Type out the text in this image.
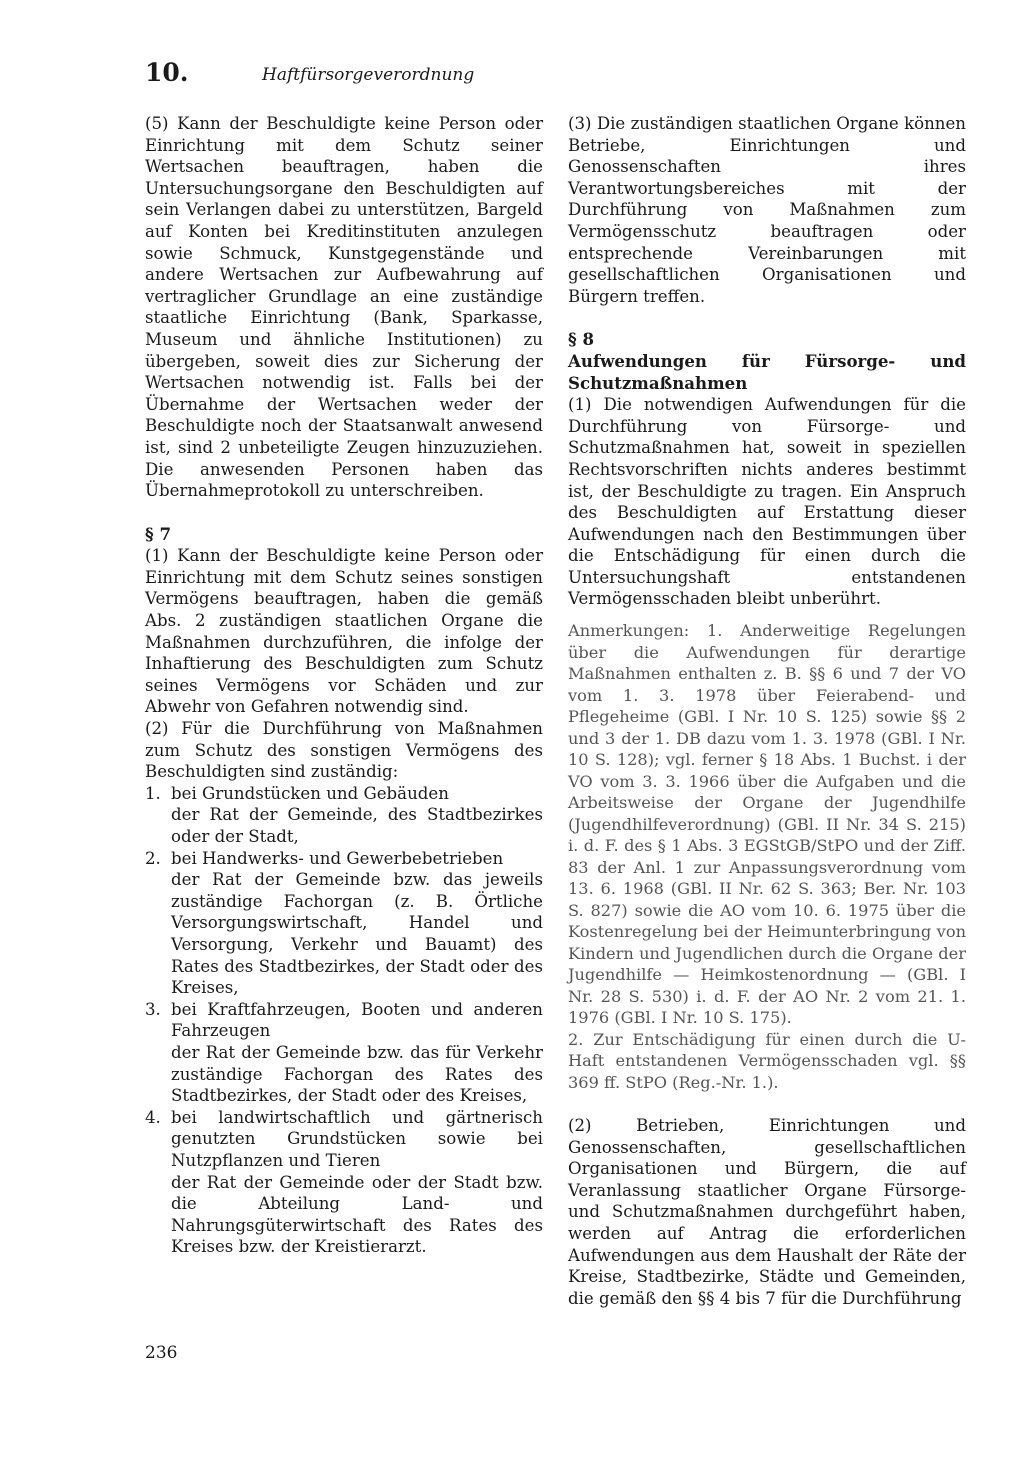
10.	Haftfürsorgeverordnung

(5) Kann der Beschuldigte keine Person oder Einrichtung mit dem Schutz seiner Wertsachen beauftragen, haben die Untersuchungsorgane den Beschuldigten auf sein Verlangen dabei zu unterstützen, Bargeld auf Konten bei Kreditinstituten anzulegen sowie Schmuck, Kunstgegenstände und andere Wertsachen zur Aufbewahrung auf vertraglicher Grundlage an eine zuständige staatliche Einrichtung (Bank, Sparkasse, Museum und ähnliche Institutionen) zu übergeben, soweit dies zur Sicherung der Wertsachen notwendig ist. Falls bei der Übernahme der Wertsachen weder der Beschuldigte noch der Staatsanwalt anwesend ist, sind 2 unbeteiligte Zeugen hinzuzuziehen. Die anwesenden Personen haben das Übernahmeprotokoll zu unterschreiben.

§ 7

(1) Kann der Beschuldigte keine Person oder Einrichtung mit dem Schutz seines sonstigen Vermögens beauftragen, haben die gemäß Abs. 2 zuständigen staatlichen Organe die Maßnahmen durchzuführen, die infolge der Inhaftierung des Beschuldigten zum Schutz seines Vermögens vor Schäden und zur Abwehr von Gefahren notwendig sind.

(2) Für die Durchführung von Maßnahmen zum Schutz des sonstigen Vermögens des Beschuldigten sind zuständig:

1. bei Grundstücken und Gebäuden

der Rat der Gemeinde, des Stadtbezirkes oder der Stadt,

2. bei Handwerks- und Gewerbebetrieben

der Rat der Gemeinde bzw. das jeweils zuständige Fachorgan (z. B. Örtliche Versorgungswirtschaft, Handel und Versorgung, Verkehr und Bauamt) des Rates des Stadtbezirkes, der Stadt oder des Kreises,

3. bei Kraftfahrzeugen, Booten und anderen Fahrzeugen

der Rat der Gemeinde bzw. das für Verkehr zuständige Fachorgan des Rates des Stadtbezirkes, der Stadt oder des Kreises,

4. bei landwirtschaftlich und gärtnerisch genutzten Grundstücken sowie bei Nutzpflanzen und Tieren

der Rat der Gemeinde oder der Stadt bzw. die Abteilung Land- und Nahrungsgüterwirtschaft des Rates des Kreises bzw. der Kreistierarzt.

(3) Die zuständigen staatlichen Organe können Betriebe, Einrichtungen und Genossenschaften ihres Verantwortungsbereiches mit der Durchführung von Maßnahmen zum Vermögensschutz beauftragen oder entsprechende Vereinbarungen mit gesellschaftlichen Organisationen und Bürgern treffen.

§ 8

Aufwendungen für Fürsorge- und Schutzmaßnahmen

(1) Die notwendigen Aufwendungen für die Durchführung von Fürsorge- und Schutzmaßnahmen hat, soweit in speziellen Rechtsvorschriften nichts anderes bestimmt ist, der Beschuldigte zu tragen. Ein Anspruch des Beschuldigten auf Erstattung dieser Aufwendungen nach den Bestimmungen über die Entschädigung für einen durch die Untersuchungshaft entstandenen Vermögensschaden bleibt unberührt.

Anmerkungen: 1. Anderweitige Regelungen über die Aufwendungen für derartige Maßnahmen enthalten z. B. §§ 6 und 7 der VO vom 1. 3. 1978 über Feierabend- und Pflegeheime (GBl. I Nr. 10 S. 125) sowie §§ 2 und 3 der 1. DB dazu vom 1. 3. 1978 (GBl. I Nr. 10 S. 128); vgl. ferner § 18 Abs. 1 Buchst. i der VO vom 3. 3. 1966 über die Aufgaben und die Arbeitsweise der Organe der Jugendhilfe (Jugendhilfeverordnung) (GBl. II Nr. 34 S. 215) i. d. F. des § 1 Abs. 3 EGStGB/StPO und der Ziff. 83 der Anl. 1 zur Anpassungsverordnung vom 13. 6. 1968 (GBl. II Nr. 62 S. 363; Ber. Nr. 103 S. 827) sowie die AO vom 10. 6. 1975 über die Kostenregelung bei der Heimunterbringung von Kindern und Jugendlichen durch die Organe der Jugendhilfe — Heimkostenordnung — (GBl. I Nr. 28 S. 530) i. d. F. der AO Nr. 2 vom 21. 1. 1976 (GBl. I Nr. 10 S. 175).

2. Zur Entschädigung für einen durch die U-Haft entstandenen Vermögensschaden vgl. §§ 369 ff. StPO (Reg.-Nr. 1.).

(2) Betrieben, Einrichtungen und Genossenschaften, gesellschaftlichen Organisationen und Bürgern, die auf Veranlassung staatlicher Organe Fürsorge- und Schutzmaßnahmen durchgeführt haben, werden auf Antrag die erforderlichen Aufwendungen aus dem Haushalt der Räte der Kreise, Stadtbezirke, Städte und Gemeinden, die gemäß den §§ 4 bis 7 für die Durchführung

236
